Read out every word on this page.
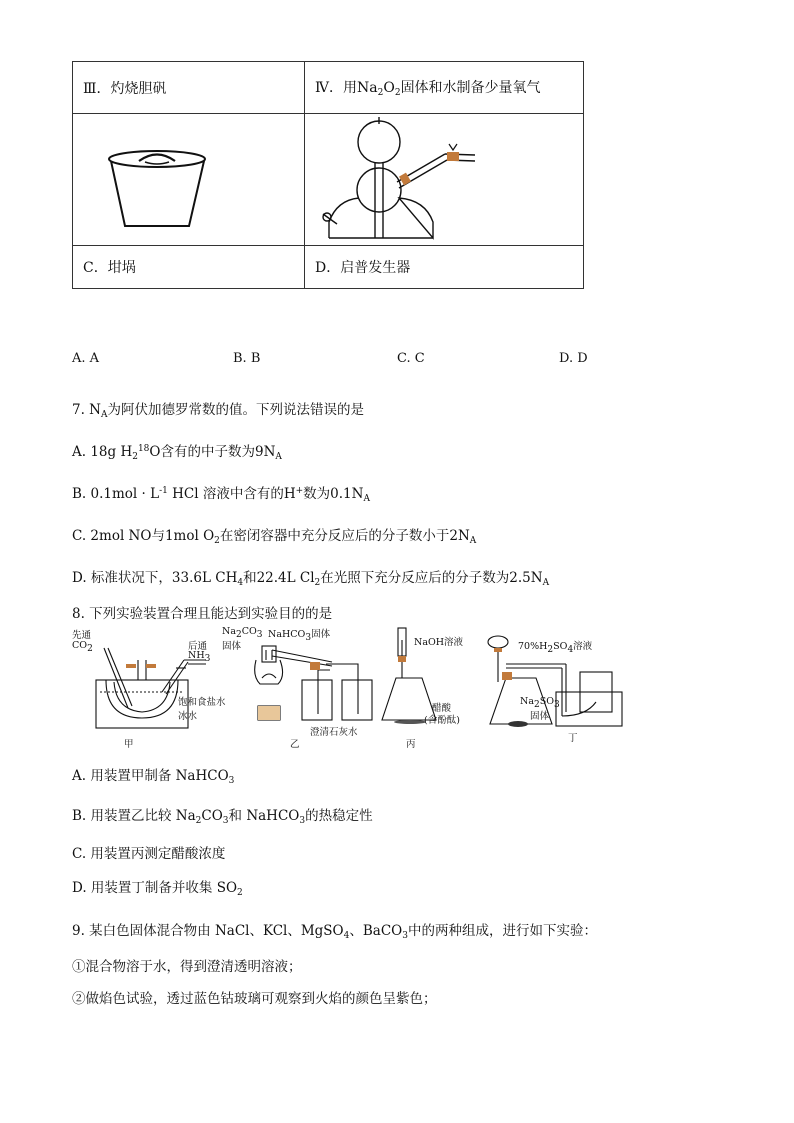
Ⅲ．灼烧胆矾	Ⅳ．用$Na_2O_2$固体和水制备少量氧气

C．坩埚	D．启普发生器
A. A	B. B	C. C	D. D
7. $N_A$为阿伏加德罗常数的值。下列说法错误的是
A. 18g $H_2^{18}O$含有的中子数为$9N_A$
B. $0.1mol \cdot L^{-1}$ HCl 溶液中含有的H+数为$0.1N_A$
C. 2mol NO与1mol $O_2$在密闭容器中充分反应后的分子数小于$2N_A$
D. 标准状况下，33.6L $CH_4$和22.4L $Cl_2$在光照下充分反应后的分子数为$2.5N_A$
8. 下列实验装置合理且能达到实验目的的是
先通
$CO_2$	后通
$NH_3$
饱和食盐水
冰水
甲
$Na_2CO_3$
固体
NaHCO$_3$固体
澄清石灰水
乙
NaOH溶液
醋酸
(含酚酞)
丙
$70\%H_2SO_4$溶液
$Na_2SO_3$
固体
丁
A. 用装置甲制备 NaHCO$_3$
B. 用装置乙比较 $Na_2CO_3$和 NaHCO$_3$的热稳定性
C. 用装置丙测定醋酸浓度
D. 用装置丁制备并收集 $SO_2$
9. 某白色固体混合物由 NaCl、KCl、MgSO$_4$、BaCO$_3$中的两种组成，进行如下实验：
①混合物溶于水，得到澄清透明溶液；
②做焰色试验，透过蓝色钴玻璃可观察到火焰的颜色呈紫色；
